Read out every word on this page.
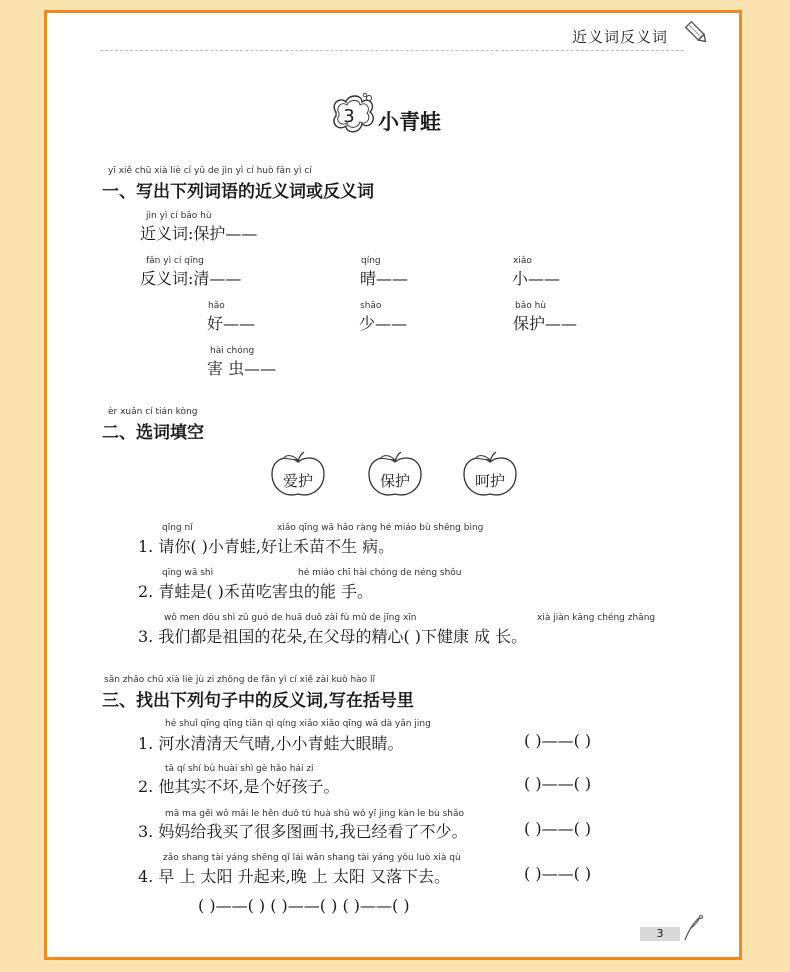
近义词反义词
3 小青蛙
yī xiě chū xià liè cí yǔ de jìn yì cí huò fǎn yì cí
一、写出下列词语的近义词或反义词
jìn yì cí bǎo hù
近义词:保护——
fǎn yì cí qīng
反义词:清——
qíng
晴——
xiǎo
小——
hǎo
好——
shǎo
少——
bǎo hù
保护——
hài chóng
害 虫——
èr xuǎn cí tián kòng
二、选词填空
爱护	保护	呵护
qǐng nǐ	xiǎo qīng wā hǎo ràng hé miáo bù shēng bìng
1. 请你( )小青蛙,好让禾苗不生 病。
qīng wā shì	hé miáo chī hài chóng de néng shǒu
2. 青蛙是( )禾苗吃害虫的能 手。
wǒ men dōu shì zǔ guó de huā duǒ zài fù mǔ de jīng xīn	xià jiàn kāng chéng zhǎng
3. 我们都是祖国的花朵,在父母的精心( )下健康 成 长。
sān zhǎo chū xià liè jù zi zhōng de fǎn yì cí xiě zài kuò hào lǐ
三、找出下列句子中的反义词,写在括号里
hé shuǐ qīng qīng tiān qì qíng xiǎo xiǎo qīng wā dà yǎn jing
1. 河水清清天气晴,小小青蛙大眼睛。	( )——( )
tā qí shí bù huài shì gè hǎo hái zi
2. 他其实不坏,是个好孩子。	( )——( )
mā ma gěi wǒ mǎi le hěn duō tú huà shū wǒ yǐ jing kàn le bù shǎo
3. 妈妈给我买了很多图画书,我已经看了不少。	( )——( )
zǎo shang tài yáng shēng qǐ lái wǎn shang tài yáng yòu luò xià qù
4. 早 上 太阳 升起来,晚 上 太阳 又落下去。	( )——( )
( )——( ) ( )——( ) ( )——( )
3
